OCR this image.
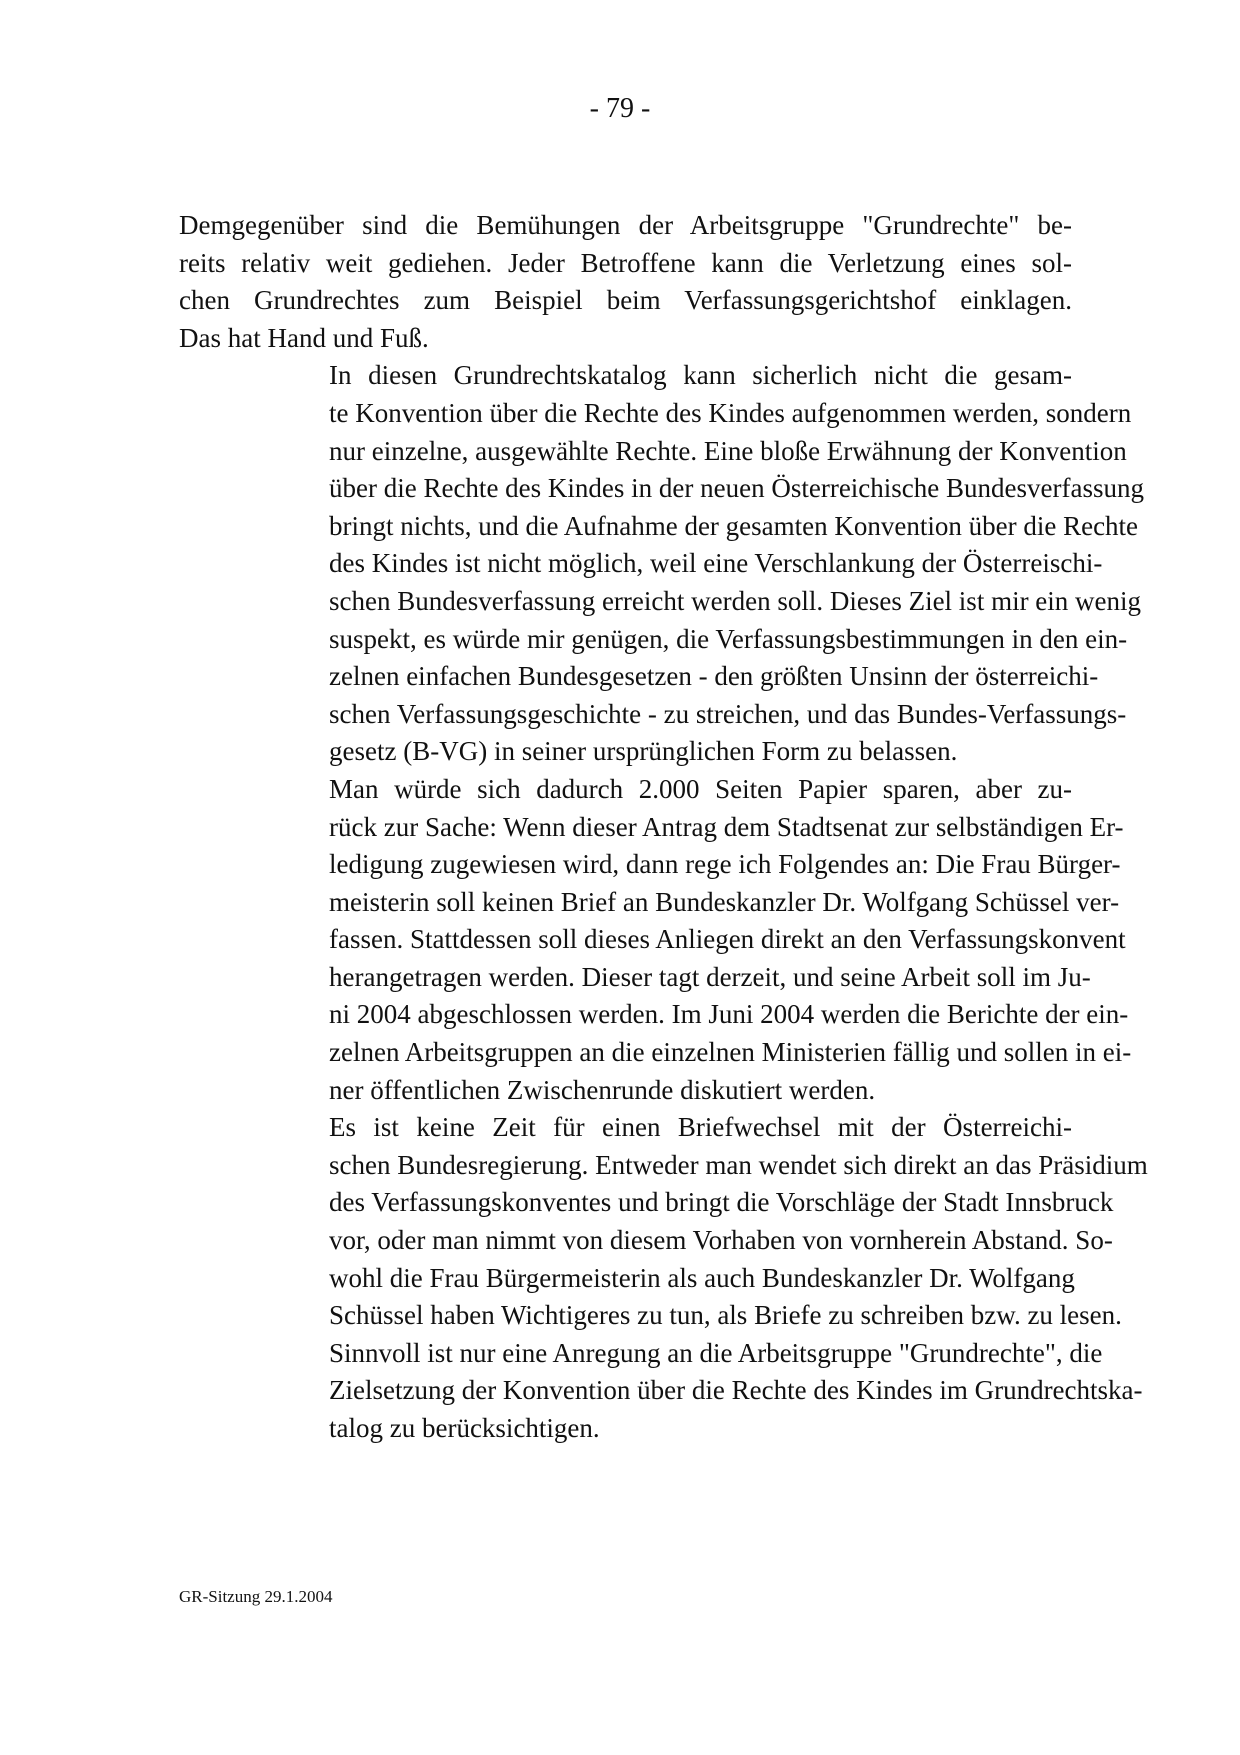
- 79 -

Demgegenüber sind die Bemühungen der Arbeitsgruppe "Grundrechte" be-
reits relativ weit gediehen. Jeder Betroffene kann die Verletzung eines sol-
chen Grundrechtes zum Beispiel beim Verfassungsgerichtshof einklagen.
Das hat Hand und Fuß.

In diesen Grundrechtskatalog kann sicherlich nicht die gesam-
te Konvention über die Rechte des Kindes aufgenommen werden, sondern
nur einzelne, ausgewählte Rechte. Eine bloße Erwähnung der Konvention
über die Rechte des Kindes in der neuen Österreichische Bundesverfassung
bringt nichts, und die Aufnahme der gesamten Konvention über die Rechte
des Kindes ist nicht möglich, weil eine Verschlankung der Österreischi-
schen Bundesverfassung erreicht werden soll. Dieses Ziel ist mir ein wenig
suspekt, es würde mir genügen, die Verfassungsbestimmungen in den ein-
zelnen einfachen Bundesgesetzen - den größten Unsinn der österreichi-
schen Verfassungsgeschichte - zu streichen, und das Bundes-Verfassungs-
gesetz (B-VG) in seiner ursprünglichen Form zu belassen.

Man würde sich dadurch 2.000 Seiten Papier sparen, aber zu-
rück zur Sache: Wenn dieser Antrag dem Stadtsenat zur selbständigen Er-
ledigung zugewiesen wird, dann rege ich Folgendes an: Die Frau Bürger-
meisterin soll keinen Brief an Bundeskanzler Dr. Wolfgang Schüssel ver-
fassen. Stattdessen soll dieses Anliegen direkt an den Verfassungskonvent
herangetragen werden. Dieser tagt derzeit, und seine Arbeit soll im Ju-
ni 2004 abgeschlossen werden. Im Juni 2004 werden die Berichte der ein-
zelnen Arbeitsgruppen an die einzelnen Ministerien fällig und sollen in ei-
ner öffentlichen Zwischenrunde diskutiert werden.

Es ist keine Zeit für einen Briefwechsel mit der Österreichi-
schen Bundesregierung. Entweder man wendet sich direkt an das Präsidium
des Verfassungskonventes und bringt die Vorschläge der Stadt Innsbruck
vor, oder man nimmt von diesem Vorhaben von vornherein Abstand. So-
wohl die Frau Bürgermeisterin als auch Bundeskanzler Dr. Wolfgang
Schüssel haben Wichtigeres zu tun, als Briefe zu schreiben bzw. zu lesen.
Sinnvoll ist nur eine Anregung an die Arbeitsgruppe "Grundrechte", die
Zielsetzung der Konvention über die Rechte des Kindes im Grundrechtska-
talog zu berücksichtigen.

GR-Sitzung 29.1.2004
